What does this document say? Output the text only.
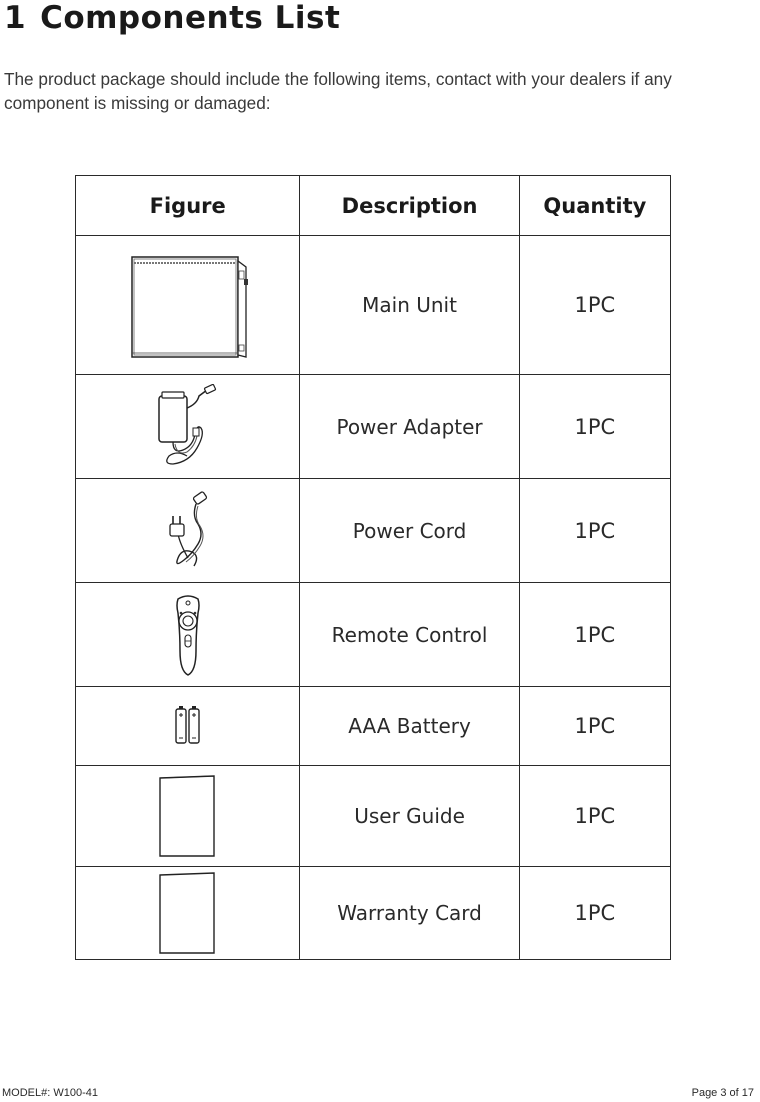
1 Components List

The product package should include the following items, contact with your dealers if any component is missing or damaged:

Figure	Description	Quantity

	Main Unit	1PC

	Power Adapter	1PC

	Power Cord	1PC

	Remote Control	1PC

	AAA Battery	1PC

	User Guide	1PC

	Warranty Card	1PC
MODEL#: W100-41	Page 3 of 17
